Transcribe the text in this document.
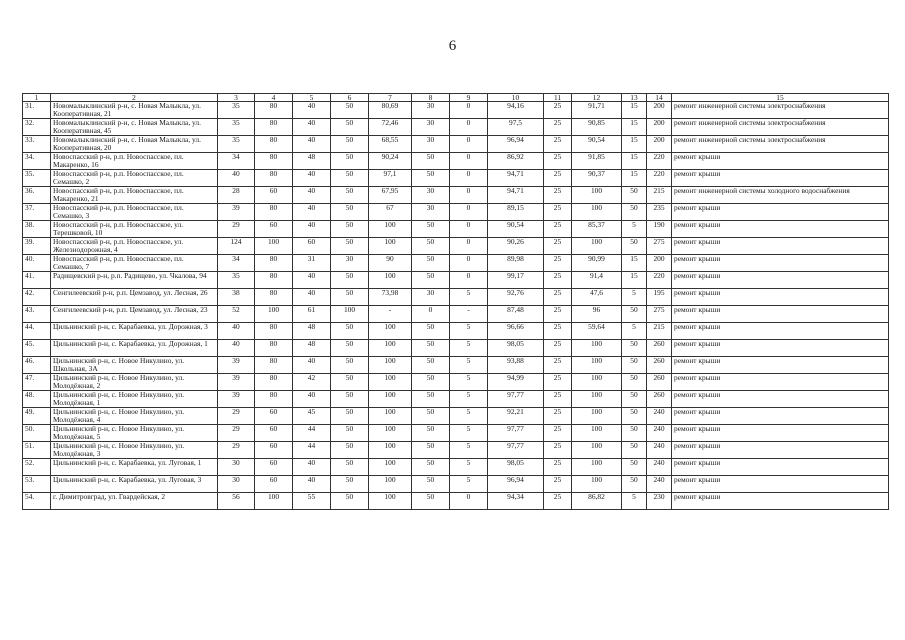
6
1	2	3	4	5	6	7	8	9	10	11	12	13	14	15
31.	Новомалыклинский р-н, с. Новая Малыкла, ул. Кооперативная, 21	35	80	40	50	80,69	30	0	94,16	25	91,71	15	200	ремонт инженерной системы электроснабжения
32.	Новомалыклинский р-н, с. Новая Малыкла, ул. Кооперативная, 45	35	80	40	50	72,46	30	0	97,5	25	90,85	15	200	ремонт инженерной системы электроснабжения
33.	Новомалыклинский р-н, с. Новая Малыкла, ул. Кооперативная, 20	35	80	40	50	68,55	30	0	96,94	25	90,54	15	200	ремонт инженерной системы электроснабжения
34.	Новоспасский р-н, р.п. Новоспасское, пл. Макаренко, 16	34	80	48	50	90,24	50	0	86,92	25	91,85	15	220	ремонт крыши
35.	Новоспасский р-н, р.п. Новоспасское, пл. Семашко, 2	40	80	40	50	97,1	50	0	94,71	25	90,37	15	220	ремонт крыши
36.	Новоспасский р-н, р.п. Новоспасское, пл. Макаренко, 21	28	60	40	50	67,95	30	0	94,71	25	100	50	215	ремонт инженерной системы холодного водоснабжения
37.	Новоспасский р-н, р.п. Новоспасское, пл. Семашко, 3	39	80	40	50	67	30	0	89,15	25	100	50	235	ремонт крыши
38.	Новоспасский р-н, р.п. Новоспасское, ул. Терешковой, 10	29	60	40	50	100	50	0	90,54	25	85,37	5	190	ремонт крыши
39.	Новоспасский р-н, р.п. Новоспасское, ул. Железнодорожная, 4	124	100	60	50	100	50	0	90,26	25	100	50	275	ремонт крыши
40.	Новоспасский р-н, р.п. Новоспасское, пл. Семашко, 7	34	80	31	30	90	50	0	89,98	25	90,99	15	200	ремонт крыши
41.	Радищевский р-н, р.п. Радищево, ул. Чкалова, 94	35	80	40	50	100	50	0	99,17	25	91,4	15	220	ремонт крыши
42.	Сенгилеевский р-н, р.п. Цемзавод, ул. Лесная, 26	38	80	40	50	73,98	30	5	92,76	25	47,6	5	195	ремонт крыши
43.	Сенгилеевский р-н, р.п. Цемзавод, ул. Лесная, 23	52	100	61	100	-	0	-	87,48	25	96	50	275	ремонт крыши
44.	Цильнинский р-н, с. Карабаевка, ул. Дорожная, 3	40	80	48	50	100	50	5	96,66	25	59,64	5	215	ремонт крыши
45.	Цильнинский р-н, с. Карабаевка, ул. Дорожная, 1	40	80	48	50	100	50	5	98,05	25	100	50	260	ремонт крыши
46.	Цильнинский р-н, с. Новое Никулино, ул. Школьная, 3А	39	80	40	50	100	50	5	93,88	25	100	50	260	ремонт крыши
47.	Цильнинский р-н, с. Новое Никулино, ул. Молодёжная, 2	39	80	42	50	100	50	5	94,99	25	100	50	260	ремонт крыши
48.	Цильнинский р-н, с. Новое Никулино, ул. Молодёжная, 1	39	80	40	50	100	50	5	97,77	25	100	50	260	ремонт крыши
49.	Цильнинский р-н, с. Новое Никулино, ул. Молодёжная, 4	29	60	45	50	100	50	5	92,21	25	100	50	240	ремонт крыши
50.	Цильнинский р-н, с. Новое Никулино, ул. Молодёжная, 5	29	60	44	50	100	50	5	97,77	25	100	50	240	ремонт крыши
51.	Цильнинский р-н, с. Новое Никулино, ул. Молодёжная, 3	29	60	44	50	100	50	5	97,77	25	100	50	240	ремонт крыши
52.	Цильнинский р-н, с. Карабаевка, ул. Луговая, 1	30	60	40	50	100	50	5	98,05	25	100	50	240	ремонт крыши
53.	Цильнинский р-н, с. Карабаевка, ул. Луговая, 3	30	60	40	50	100	50	5	96,94	25	100	50	240	ремонт крыши
54.	г. Димитровград, ул. Гвардейская, 2	56	100	55	50	100	50	0	94,34	25	86,82	5	230	ремонт крыши
